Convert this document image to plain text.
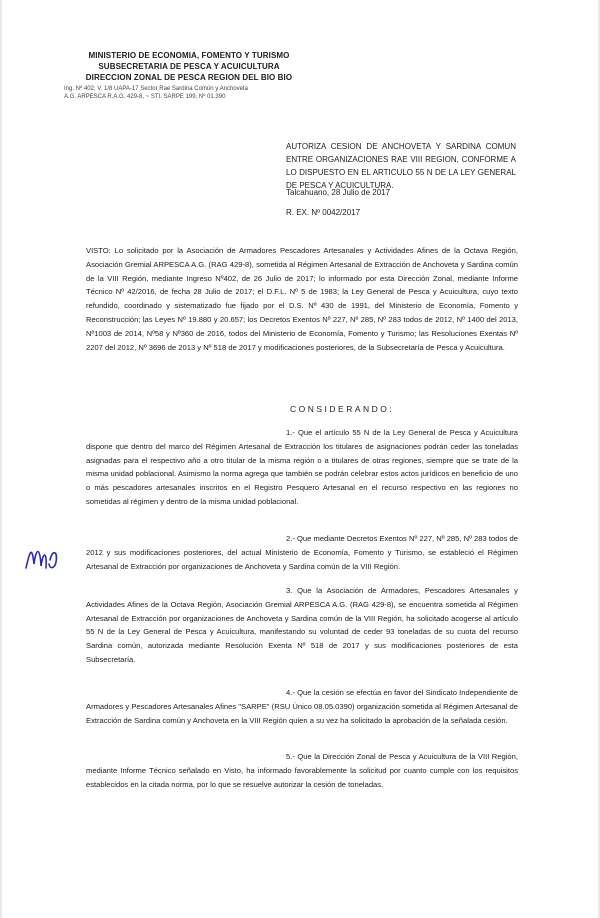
MINISTERIO DE ECONOMIA, FOMENTO Y TURISMO
SUBSECRETARIA DE PESCA Y ACUICULTURA
DIRECCION ZONAL DE PESCA REGION DEL BIO BIO
Ing. Nº 402; V. 1/8 UAPA-17 Sector Rae Sardina Común y Anchoveta
A.G. ARPESCA R.A.G. 429-8, ~ STI. SARPE 199, Nº 01.390
AUTORIZA CESION DE ANCHOVETA Y SARDINA COMUN ENTRE ORGANIZACIONES RAE VIII REGION, CONFORME A LO DISPUESTO EN EL ARTICULO 55 N DE LA LEY GENERAL DE PESCA Y ACUICULTURA.
Talcahuano, 28 Julio de 2017
R. EX. Nº 0042/2017
VISTO: Lo solicitado por la Asociación de Armadores Pescadores Artesanales y Actividades Afines de la Octava Región, Asociación Gremial ARPESCA A.G. (RAG 429-8), sometida al Régimen Artesanal de Extracción de Anchoveta y Sardina común de la VIII Región, mediante Ingreso Nº402, de 26 Julio de 2017; lo informado por esta Dirección Zonal, mediante Informe Técnico Nº 42/2016, de fecha 28 Julio de 2017; el D.F.L. Nº 5 de 1983; la Ley General de Pesca y Acuicultura, cuyo texto refundido, coordinado y sistematizado fue fijado por el D.S. Nº 430 de 1991, del Ministerio de Economía, Fomento y Reconstrucción; las Leyes Nº 19.880 y 20.657; los Decretos Exentos Nº 227, Nº 285, Nº 283 todos de 2012, Nº 1400 del 2013, Nº1003 de 2014, Nº58 y Nº360 de 2016, todos del Ministerio de Economía, Fomento y Turismo; las Resoluciones Exentas Nº 2207 del 2012, Nº 3696 de 2013 y Nº 518 de 2017 y modificaciones posteriores, de la Subsecretaría de Pesca y Acuicultura.
CONSIDERANDO:
1.- Que el artículo 55 N de la Ley General de Pesca y Acuicultura dispone que dentro del marco del Régimen Artesanal de Extracción los titulares de asignaciones podrán ceder las toneladas asignadas para el respectivo año a otro titular de la misma región o a titulares de otras regiones, siempre que se trate de la misma unidad poblacional. Asimismo la norma agrega que también se podrán celebrar estos actos jurídicos en beneficio de uno o más pescadores artesanales inscritos en el Registro Pesquero Artesanal en el recurso respectivo en las regiones no sometidas al régimen y dentro de la misma unidad poblacional.
2.- Que mediante Decretos Exentos Nº 227, Nº 285, Nº 283 todos de 2012 y sus modificaciones posteriores, del actual Ministerio de Economía, Fomento y Turismo, se estableció el Régimen Artesanal de Extracción por organizaciones de Anchoveta y Sardina común de la VIII Región.
3. Que la Asociación de Armadores, Pescadores Artesanales y Actividades Afines de la Octava Región, Asociación Gremial ARPESCA A.G. (RAG 429-8), se encuentra sometida al Régimen Artesanal de Extracción por organizaciones de Anchoveta y Sardina común de la VIII Región, ha solicitado acogerse al artículo 55 N de la Ley General de Pesca y Acuicultura, manifestando su voluntad de ceder 93 toneladas de su cuota del recurso Sardina común, autorizada mediante Resolución Exenta Nº 518 de 2017 y sus modificaciones posteriores de esta Subsecretaría.
4.- Que la cesión se efectúa en favor del Sindicato Independiente de Armadores y Pescadores Artesanales Afines "SARPE" (RSU Único 08.05.0390) organización sometida al Régimen Artesanal de Extracción de Sardina común y Anchoveta en la VIII Región quien a su vez ha solicitado la aprobación de la señalada cesión.
5.- Que la Dirección Zonal de Pesca y Acuicultura de la VIII Región, mediante Informe Técnico señalado en Visto, ha informado favorablemente la solicitud por cuanto cumple con los requisitos establecidos en la citada norma, por lo que se resuelve autorizar la cesión de toneladas.
